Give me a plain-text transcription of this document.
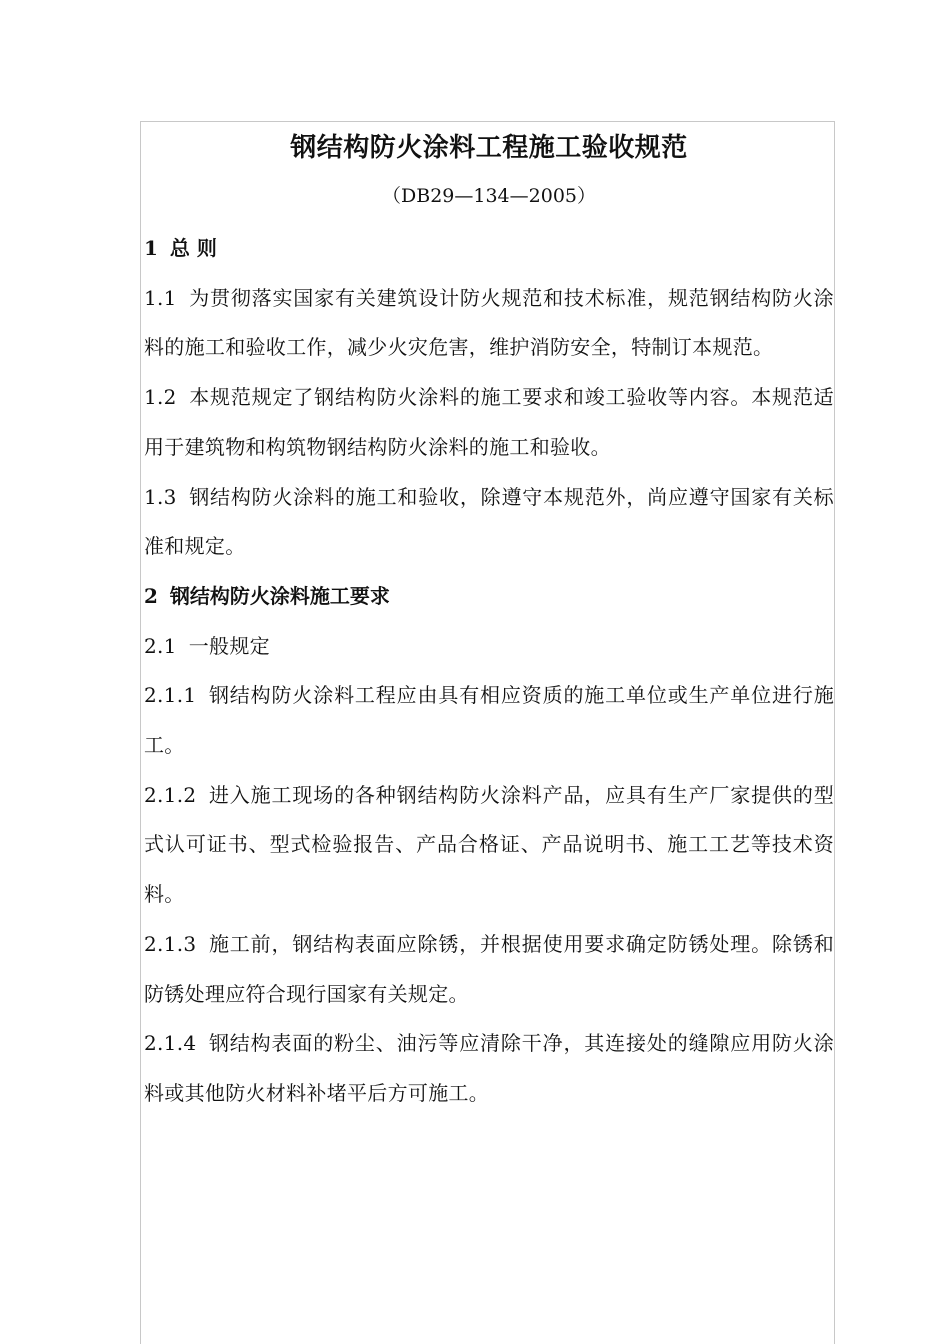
钢结构防火涂料工程施工验收规范

（DB29—134—2005）

1 总 则

1.1 为贯彻落实国家有关建筑设计防火规范和技术标准，规范钢结构防火涂料的施工和验收工作，减少火灾危害，维护消防安全，特制订本规范。

1.2 本规范规定了钢结构防火涂料的施工要求和竣工验收等内容。本规范适用于建筑物和构筑物钢结构防火涂料的施工和验收。

1.3 钢结构防火涂料的施工和验收，除遵守本规范外，尚应遵守国家有关标准和规定。

2 钢结构防火涂料施工要求

2.1 一般规定

2.1.1 钢结构防火涂料工程应由具有相应资质的施工单位或生产单位进行施工。

2.1.2 进入施工现场的各种钢结构防火涂料产品，应具有生产厂家提供的型式认可证书、型式检验报告、产品合格证、产品说明书、施工工艺等技术资料。

2.1.3 施工前，钢结构表面应除锈，并根据使用要求确定防锈处理。除锈和防锈处理应符合现行国家有关规定。

2.1.4 钢结构表面的粉尘、油污等应清除干净，其连接处的缝隙应用防火涂料或其他防火材料补堵平后方可施工。
